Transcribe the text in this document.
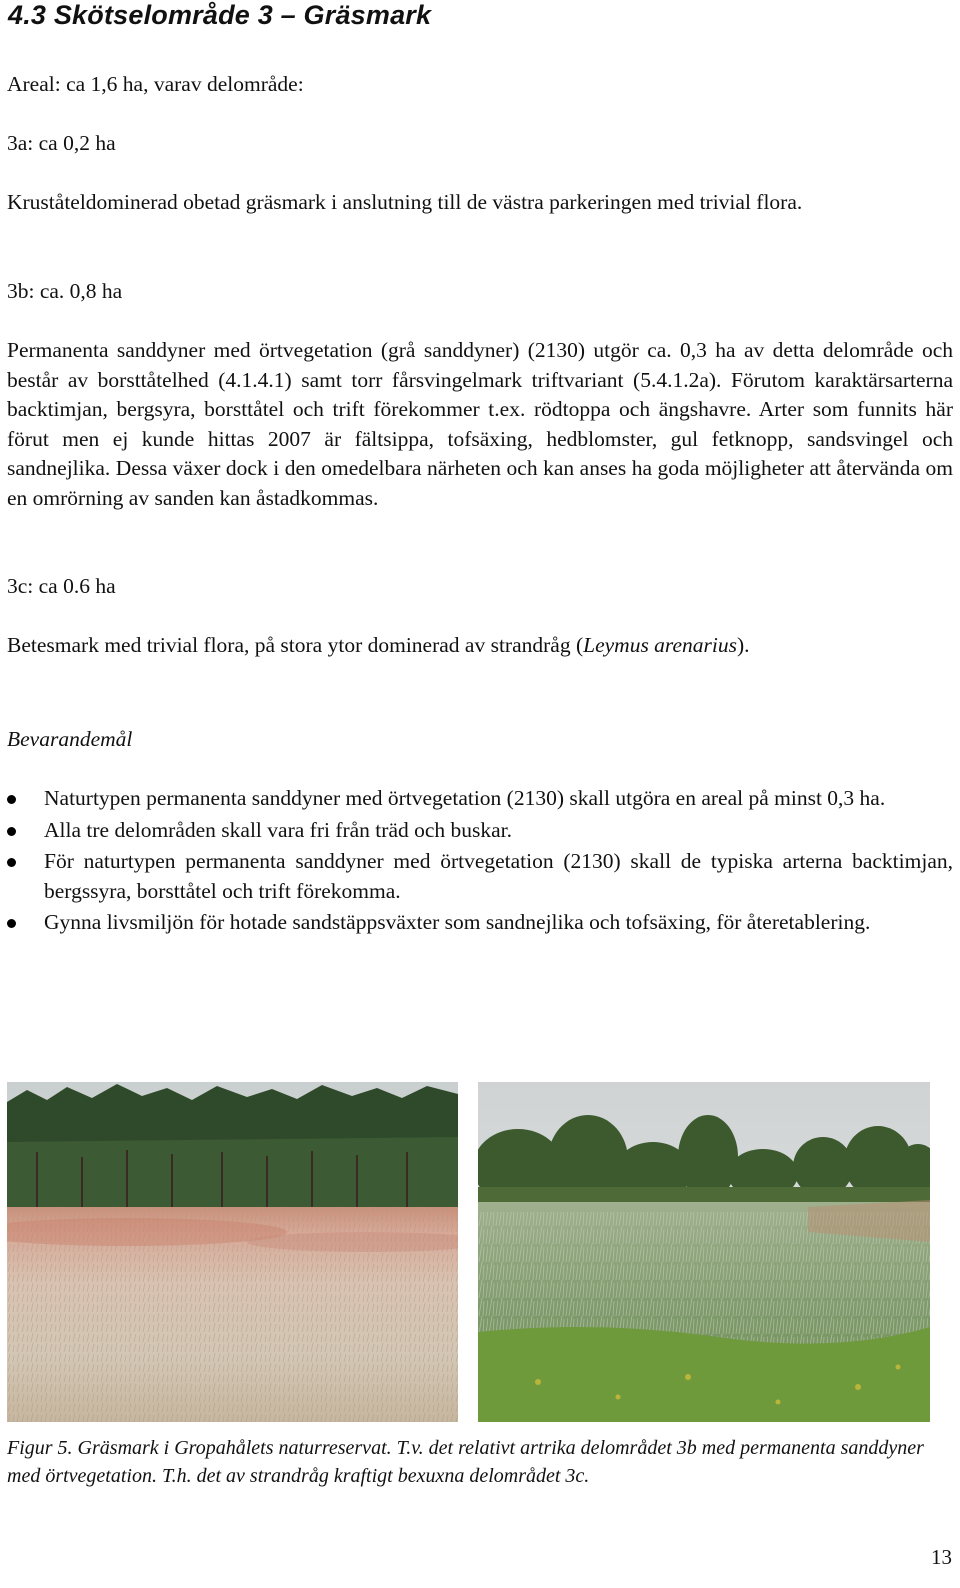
4.3 Skötselområde 3 – Gräsmark

Areal: ca 1,6 ha, varav delområde:

3a: ca 0,2 ha

Kruståteldominerad obetad gräsmark i anslutning till de västra parkeringen med trivial flora.

3b: ca. 0,8 ha

Permanenta sanddyner med örtvegetation (grå sanddyner) (2130) utgör ca. 0,3 ha av detta delområde och består av borsttåtelhed (4.1.4.1) samt torr fårsvingelmark triftvariant (5.4.1.2a). Förutom karaktärsarterna backtimjan, bergsyra, borsttåtel och trift förekommer t.ex. rödtoppa och ängshavre. Arter som funnits här förut men ej kunde hittas 2007 är fältsippa, tofsäxing, hedblomster, gul fetknopp, sandsvingel och sandnejlika. Dessa växer dock i den omedelbara närheten och kan anses ha goda möjligheter att återvända om en omrörning av sanden kan åstadkommas.

3c: ca 0.6 ha

Betesmark med trivial flora, på stora ytor dominerad av strandråg (Leymus arenarius).

Bevarandemål
Naturtypen permanenta sanddyner med örtvegetation (2130) skall utgöra en areal på minst 0,3 ha.
Alla tre delområden skall vara fri från träd och buskar.
För naturtypen permanenta sanddyner med örtvegetation (2130) skall de typiska arterna backtimjan, bergssyra, borsttåtel och trift förekomma.
Gynna livsmiljön för hotade sandstäppsväxter som sandnejlika och tofsäxing, för återetablering.
Figur 5. Gräsmark i Gropahålets naturreservat. T.v. det relativt artrika delområdet 3b med permanenta sanddyner med örtvegetation. T.h. det av strandråg kraftigt bexuxna delområdet 3c.
13
